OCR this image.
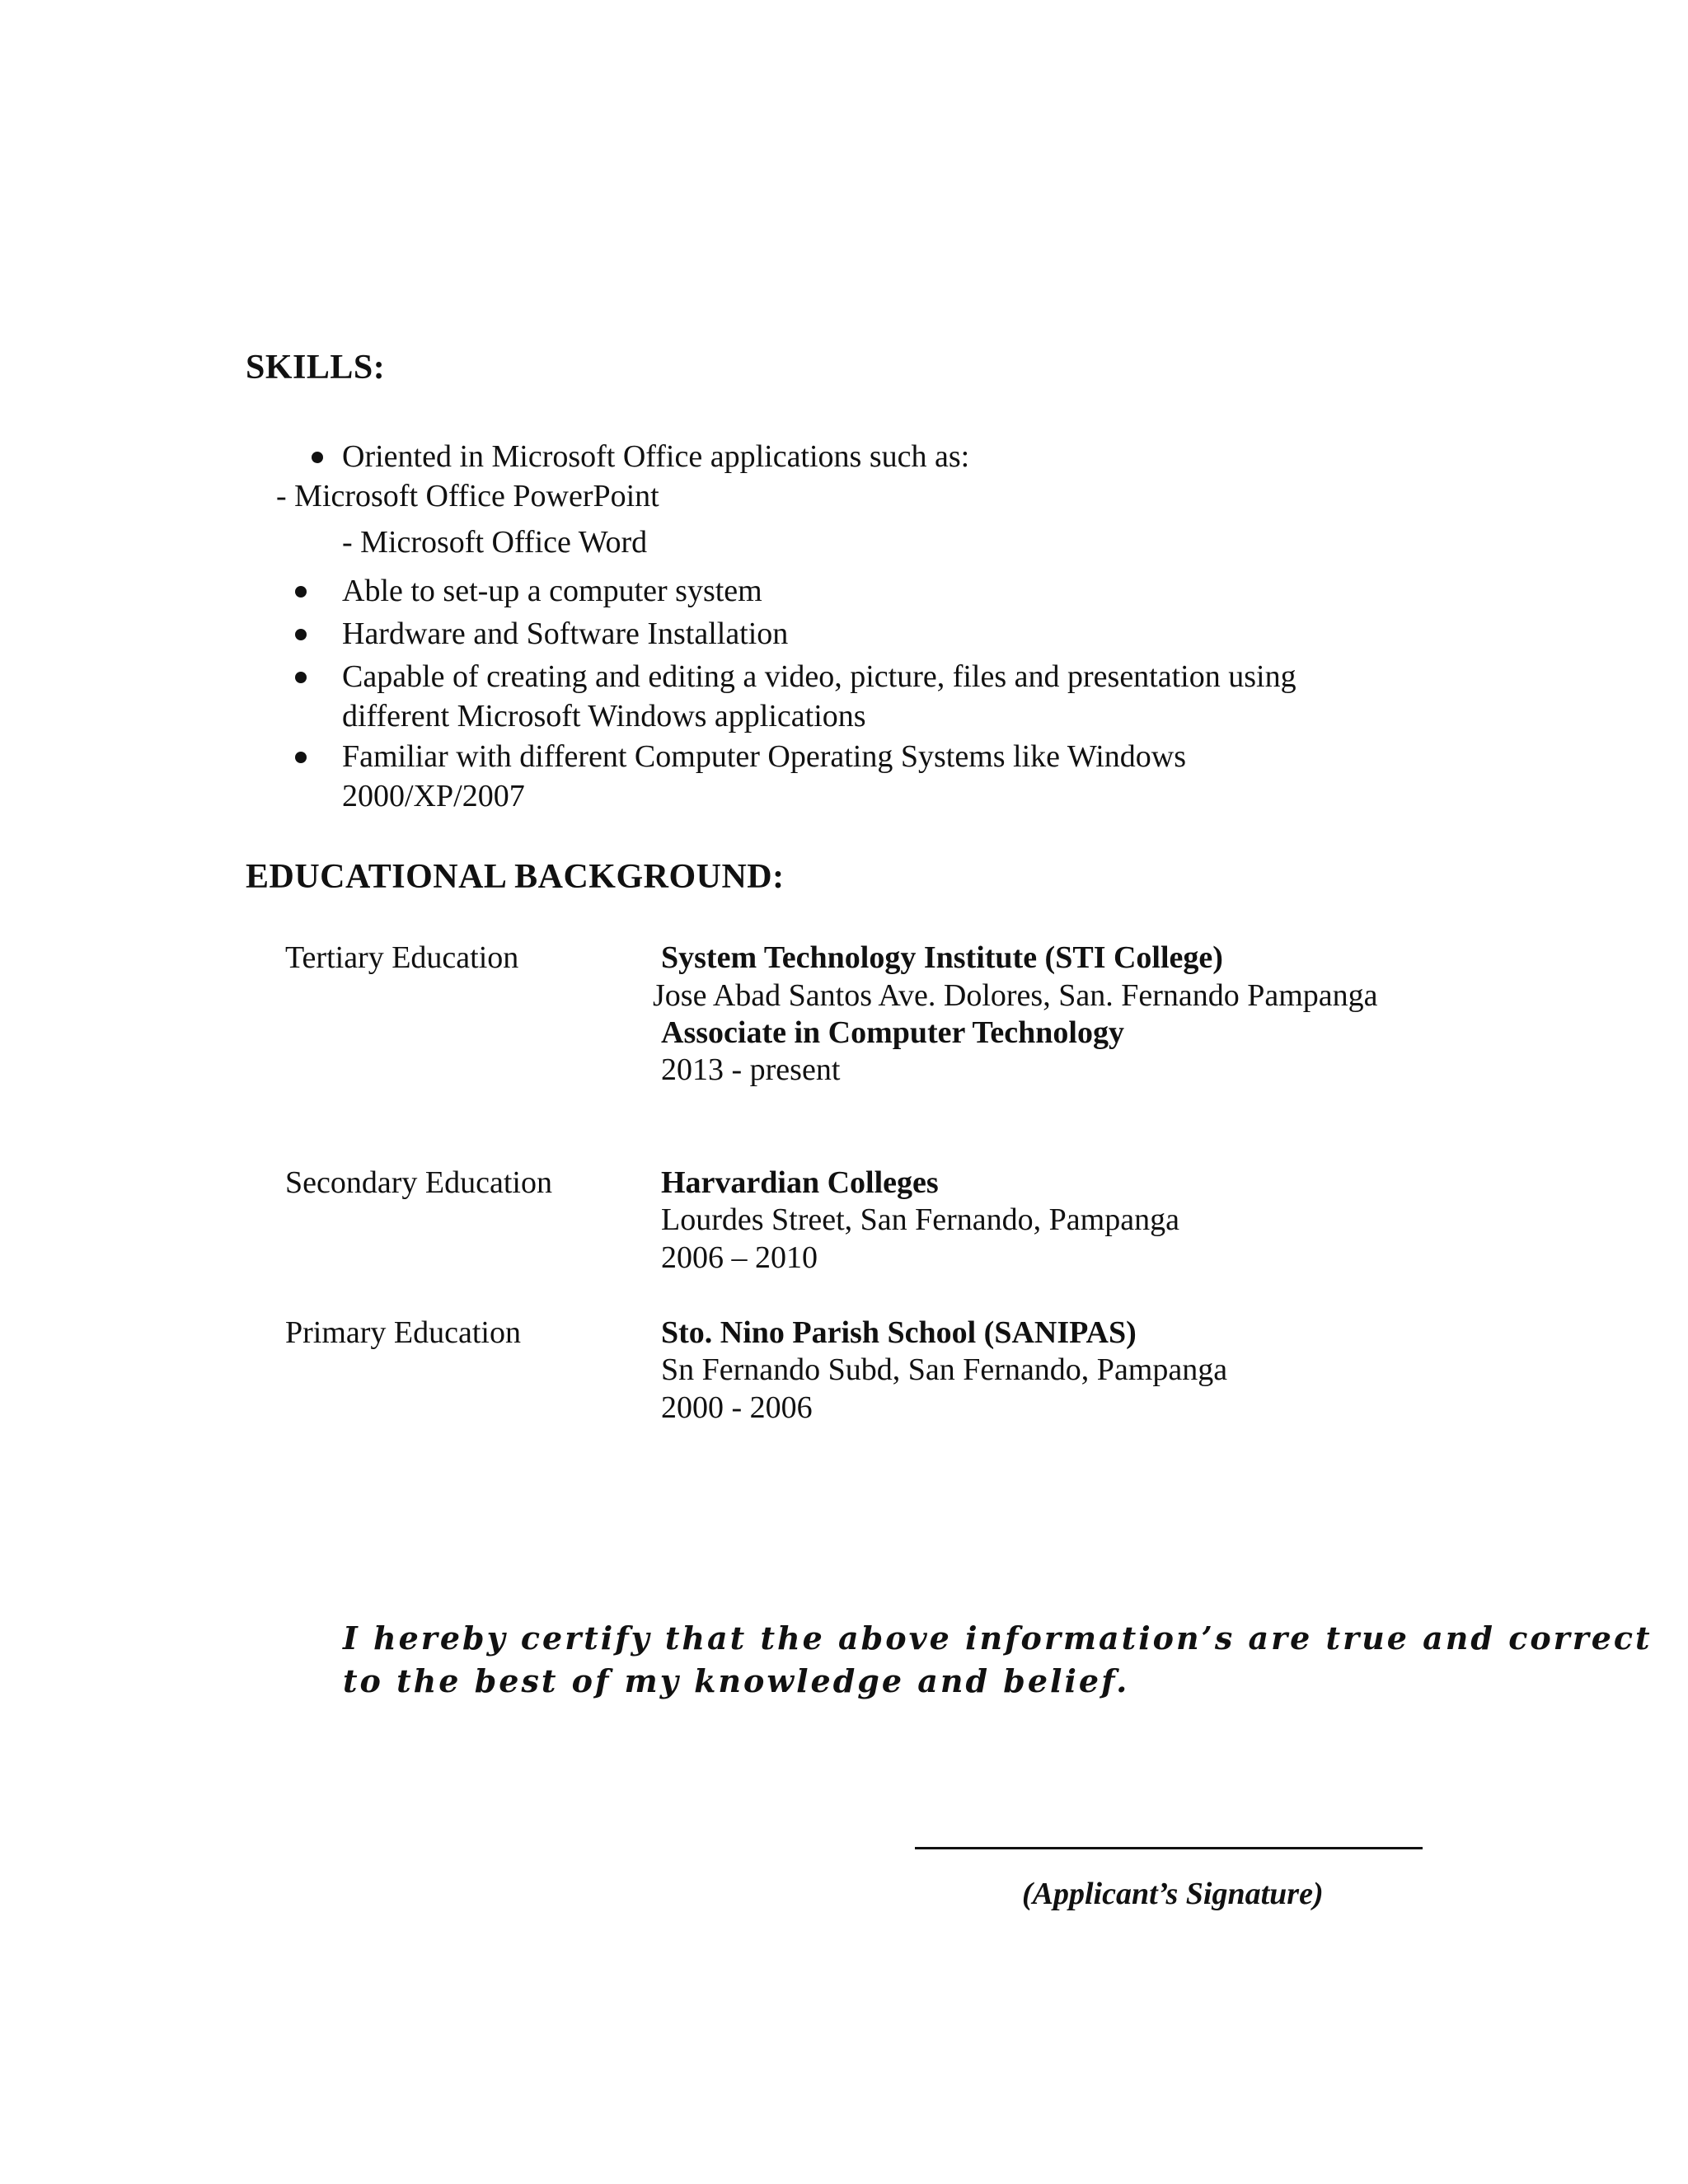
SKILLS:
Oriented in Microsoft Office applications such as:
- Microsoft Office PowerPoint
- Microsoft Office Word
Able to set-up a computer system
Hardware and Software Installation
Capable of creating and editing a video, picture, files and presentation using
different Microsoft Windows applications
Familiar with different Computer Operating Systems like Windows
2000/XP/2007
EDUCATIONAL BACKGROUND:
Tertiary Education	System Technology Institute (STI College)
Jose Abad Santos Ave. Dolores, San. Fernando Pampanga
Associate in Computer Technology
2013 - present
Secondary Education	Harvardian Colleges
Lourdes Street, San Fernando, Pampanga
2006 – 2010
Primary Education	Sto. Nino Parish School (SANIPAS)
Sn Fernando Subd, San Fernando, Pampanga
2000 - 2006
I hereby certify that the above information’s are true and correct
to the best of my knowledge and belief.
(Applicant’s Signature)
